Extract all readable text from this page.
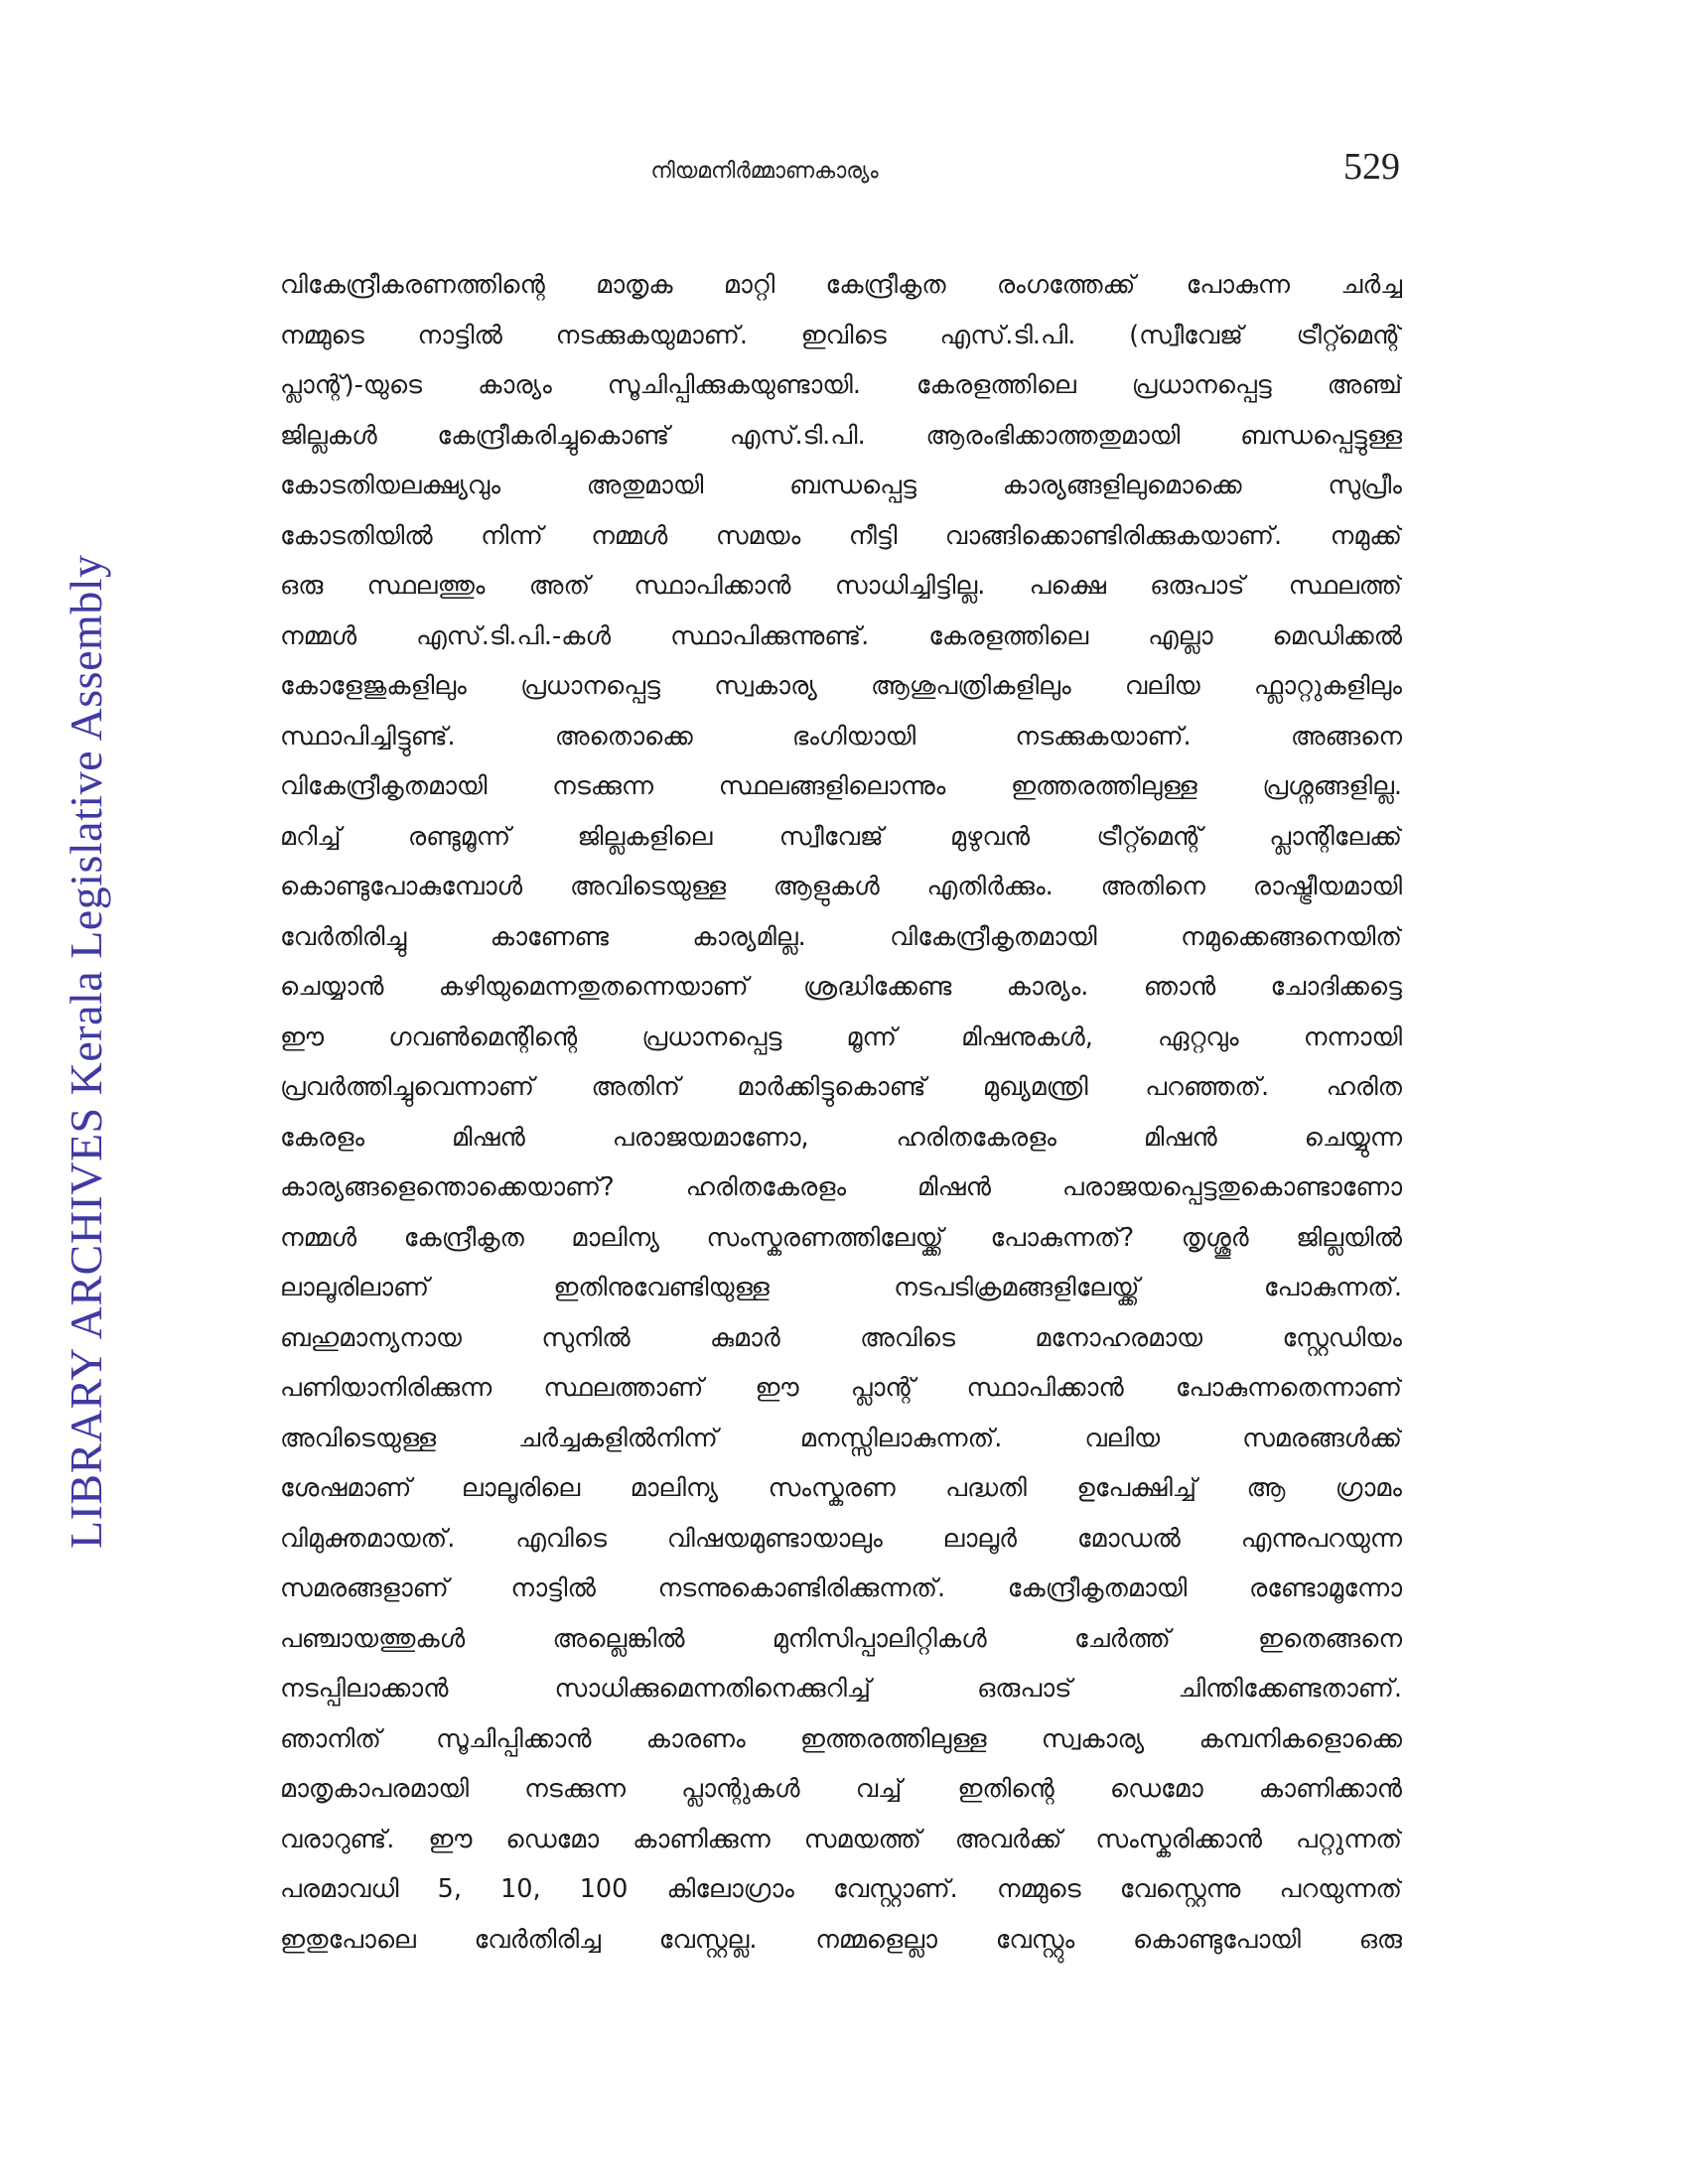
നിയമനിർമ്മാണകാര്യം	529
LIBRARY ARCHIVES Kerala Legislative Assembly
വികേന്ദ്രീകരണത്തിന്റെ മാതൃക മാറ്റി കേന്ദ്രീകൃത രംഗത്തേക്ക് പോകുന്ന ചർച്ച
നമ്മുടെ നാട്ടിൽ നടക്കുകയുമാണ്. ഇവിടെ എസ്.ടി.പി. (സ്വീവേജ് ട്രീറ്റ്മെന്റ്
പ്ലാന്റ്)-യുടെ കാര്യം സൂചിപ്പിക്കുകയുണ്ടായി. കേരളത്തിലെ പ്രധാനപ്പെട്ട അഞ്ച്
ജില്ലകൾ കേന്ദ്രീകരിച്ചുകൊണ്ട് എസ്.ടി.പി. ആരംഭിക്കാത്തതുമായി ബന്ധപ്പെട്ടുള്ള
കോടതിയലക്ഷ്യവും അതുമായി ബന്ധപ്പെട്ട കാര്യങ്ങളിലുമൊക്കെ സുപ്രീം
കോടതിയിൽ നിന്ന് നമ്മൾ സമയം നീട്ടി വാങ്ങിക്കൊണ്ടിരിക്കുകയാണ്. നമുക്ക്
ഒരു സ്ഥലത്തും അത് സ്ഥാപിക്കാൻ സാധിച്ചിട്ടില്ല. പക്ഷെ ഒരുപാട് സ്ഥലത്ത്
നമ്മൾ എസ്.ടി.പി.-കൾ സ്ഥാപിക്കുന്നുണ്ട്. കേരളത്തിലെ എല്ലാ മെഡിക്കൽ
കോളേജുകളിലും പ്രധാനപ്പെട്ട സ്വകാര്യ ആശുപത്രികളിലും വലിയ ഫ്ലാറ്റുകളിലും
സ്ഥാപിച്ചിട്ടുണ്ട്. അതൊക്കെ ഭംഗിയായി നടക്കുകയാണ്. അങ്ങനെ
വികേന്ദ്രീകൃതമായി നടക്കുന്ന സ്ഥലങ്ങളിലൊന്നും ഇത്തരത്തിലുള്ള പ്രശ്നങ്ങളില്ല.
മറിച്ച് രണ്ടുമൂന്ന് ജില്ലകളിലെ സ്വീവേജ് മുഴുവൻ ട്രീറ്റ്മെന്റ് പ്ലാന്റിലേക്ക്
കൊണ്ടുപോകുമ്പോൾ അവിടെയുള്ള ആളുകൾ എതിർക്കും. അതിനെ രാഷ്ട്രീയമായി
വേർതിരിച്ചു കാണേണ്ട കാര്യമില്ല. വികേന്ദ്രീകൃതമായി നമുക്കെങ്ങനെയിത്
ചെയ്യാൻ കഴിയുമെന്നതുതന്നെയാണ് ശ്രദ്ധിക്കേണ്ട കാര്യം. ഞാൻ ചോദിക്കട്ടെ
ഈ ഗവൺമെന്റിന്റെ പ്രധാനപ്പെട്ട മൂന്ന് മിഷനുകൾ, ഏറ്റവും നന്നായി
പ്രവർത്തിച്ചുവെന്നാണ് അതിന് മാർക്കിട്ടുകൊണ്ട് മുഖ്യമന്ത്രി പറഞ്ഞത്. ഹരിത
കേരളം മിഷൻ പരാജയമാണോ, ഹരിതകേരളം മിഷൻ ചെയ്യുന്ന
കാര്യങ്ങളെന്തൊക്കെയാണ്? ഹരിതകേരളം മിഷൻ പരാജയപ്പെട്ടതുകൊണ്ടാണോ
നമ്മൾ കേന്ദ്രീകൃത മാലിന്യ സംസ്കരണത്തിലേയ്ക്ക് പോകുന്നത്? തൃശ്ശൂർ ജില്ലയിൽ
ലാലൂരിലാണ് ഇതിനുവേണ്ടിയുള്ള നടപടിക്രമങ്ങളിലേയ്ക്ക് പോകുന്നത്.
ബഹുമാന്യനായ സുനിൽ കുമാർ അവിടെ മനോഹരമായ സ്റ്റേഡിയം
പണിയാനിരിക്കുന്ന സ്ഥലത്താണ് ഈ പ്ലാന്റ് സ്ഥാപിക്കാൻ പോകുന്നതെന്നാണ്
അവിടെയുള്ള ചർച്ചകളിൽനിന്ന് മനസ്സിലാകുന്നത്. വലിയ സമരങ്ങൾക്ക്
ശേഷമാണ് ലാലൂരിലെ മാലിന്യ സംസ്കരണ പദ്ധതി ഉപേക്ഷിച്ച് ആ ഗ്രാമം
വിമുക്തമായത്. എവിടെ വിഷയമുണ്ടായാലും ലാലൂർ മോഡൽ എന്നുപറയുന്ന
സമരങ്ങളാണ് നാട്ടിൽ നടന്നുകൊണ്ടിരിക്കുന്നത്. കേന്ദ്രീകൃതമായി രണ്ടോമൂന്നോ
പഞ്ചായത്തുകൾ അല്ലെങ്കിൽ മുനിസിപ്പാലിറ്റികൾ ചേർത്ത് ഇതെങ്ങനെ
നടപ്പിലാക്കാൻ സാധിക്കുമെന്നതിനെക്കുറിച്ച് ഒരുപാട് ചിന്തിക്കേണ്ടതാണ്.
ഞാനിത് സൂചിപ്പിക്കാൻ കാരണം ഇത്തരത്തിലുള്ള സ്വകാര്യ കമ്പനികളൊക്കെ
മാതൃകാപരമായി നടക്കുന്ന പ്ലാന്റുകൾ വച്ച് ഇതിന്റെ ഡെമോ കാണിക്കാൻ
വരാറുണ്ട്. ഈ ഡെമോ കാണിക്കുന്ന സമയത്ത് അവർക്ക് സംസ്കരിക്കാൻ പറ്റുന്നത്
പരമാവധി 5, 10, 100 കിലോഗ്രാം വേസ്റ്റാണ്. നമ്മുടെ വേസ്റ്റെന്നു പറയുന്നത്
ഇതുപോലെ വേർതിരിച്ച വേസ്റ്റല്ല. നമ്മളെല്ലാ വേസ്റ്റും കൊണ്ടുപോയി ഒരു
